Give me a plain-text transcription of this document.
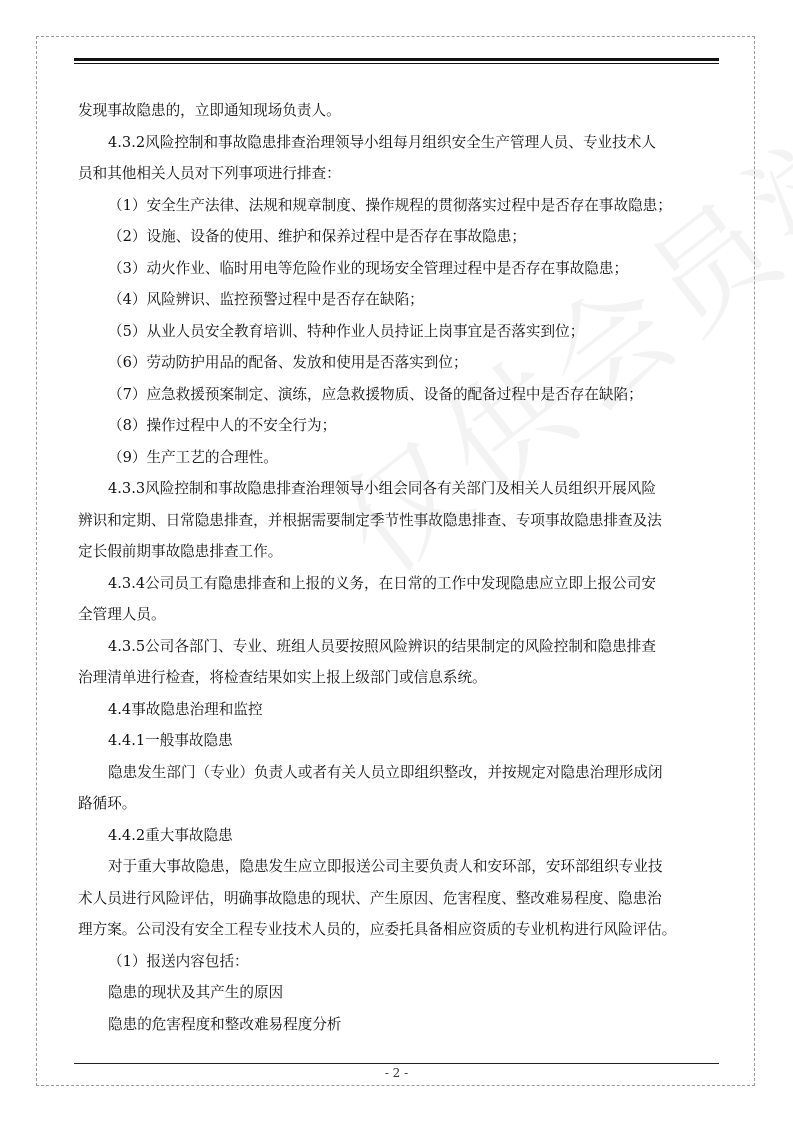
发现事故隐患的，立即通知现场负责人。
4.3.2风险控制和事故隐患排查治理领导小组每月组织安全生产管理人员、专业技术人
员和其他相关人员对下列事项进行排查：
（1）安全生产法律、法规和规章制度、操作规程的贯彻落实过程中是否存在事故隐患；
（2）设施、设备的使用、维护和保养过程中是否存在事故隐患；
（3）动火作业、临时用电等危险作业的现场安全管理过程中是否存在事故隐患；
（4）风险辨识、监控预警过程中是否存在缺陷；
（5）从业人员安全教育培训、特种作业人员持证上岗事宜是否落实到位；
（6）劳动防护用品的配备、发放和使用是否落实到位；
（7）应急救援预案制定、演练，应急救援物质、设备的配备过程中是否存在缺陷；
（8）操作过程中人的不安全行为；
（9）生产工艺的合理性。
4.3.3风险控制和事故隐患排查治理领导小组会同各有关部门及相关人员组织开展风险
辨识和定期、日常隐患排查，并根据需要制定季节性事故隐患排查、专项事故隐患排查及法
定长假前期事故隐患排查工作。
4.3.4公司员工有隐患排查和上报的义务，在日常的工作中发现隐患应立即上报公司安
全管理人员。
4.3.5公司各部门、专业、班组人员要按照风险辨识的结果制定的风险控制和隐患排查
治理清单进行检查，将检查结果如实上报上级部门或信息系统。
4.4事故隐患治理和监控
4.4.1一般事故隐患
隐患发生部门（专业）负责人或者有关人员立即组织整改，并按规定对隐患治理形成闭
路循环。
4.4.2重大事故隐患
对于重大事故隐患，隐患发生应立即报送公司主要负责人和安环部，安环部组织专业技
术人员进行风险评估，明确事故隐患的现状、产生原因、危害程度、整改难易程度、隐患治
理方案。公司没有安全工程专业技术人员的，应委托具备相应资质的专业机构进行风险评估。
（1）报送内容包括：
隐患的现状及其产生的原因
隐患的危害程度和整改难易程度分析
- 2 -
